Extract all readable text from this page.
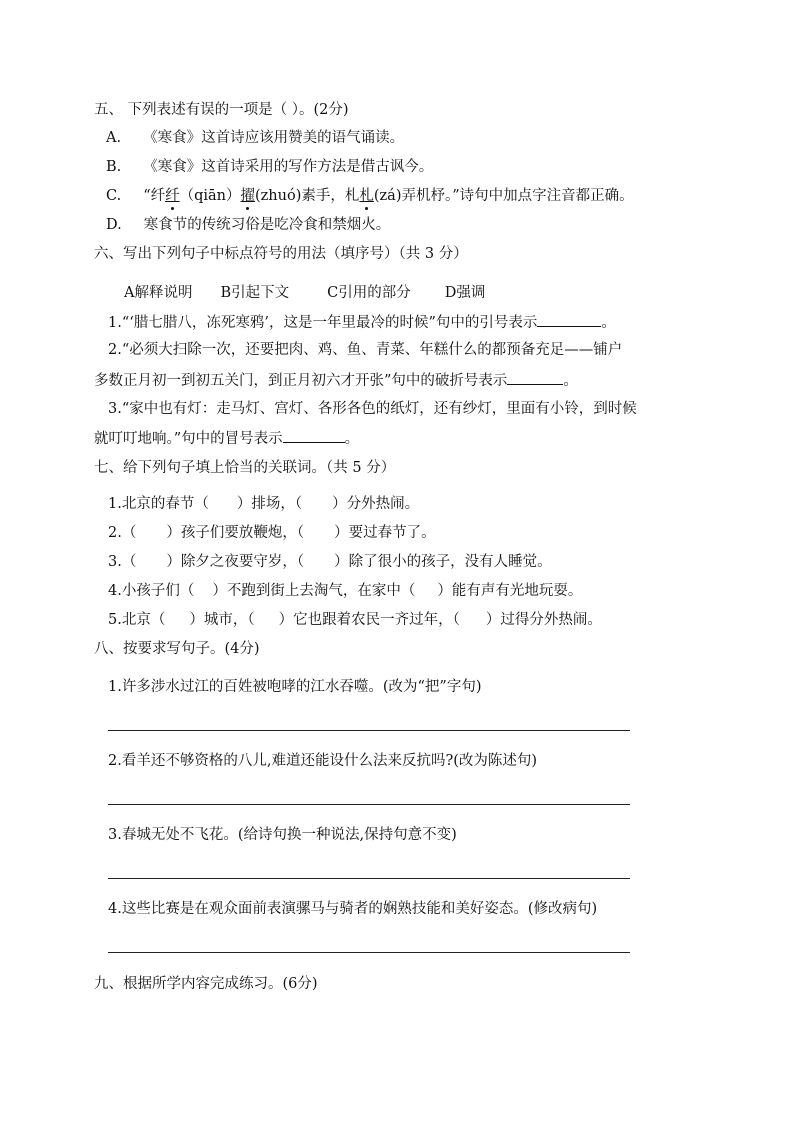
五、 下列表述有误的一项是（ ）。(2分)
A. 《寒食》这首诗应该用赞美的语气诵读。
B. 《寒食》这首诗采用的写作方法是借古讽今。
C. “纤纤（qiān）擢(zhuó)素手，札札(zá)弄机杼。”诗句中加点字注音都正确。
D. 寒食节的传统习俗是吃冷食和禁烟火。
六、写出下列句子中标点符号的用法（填序号）（共 3 分）
A解释说明 B引起下文	C引用的部分 D强调
1.“‘腊七腊八，冻死寒鸦’，这是一年里最冷的时候”句中的引号表示	。
2.“必须大扫除一次，还要把肉、鸡、鱼、青菜、年糕什么的都预备充足——铺户
多数正月初一到初五关门，到正月初六才开张”句中的破折号表示	。
3.“家中也有灯：走马灯、宫灯、各形各色的纸灯，还有纱灯，里面有小铃，到时候
就叮叮地响。”句中的冒号表示	。
七、给下列句子填上恰当的关联词。（共 5 分）
1.北京的春节（ ）排场，（ ）分外热闹。
2.（ ）孩子们要放鞭炮，（ ）要过春节了。
3.（ ）除夕之夜要守岁，（ ）除了很小的孩子，没有人睡觉。
4.小孩子们（ ）不跑到街上去淘气，在家中（ ）能有声有光地玩耍。
5.北京（ ）城市，（ ）它也跟着农民一齐过年，（ ）过得分外热闹。
八、按要求写句子。(4分)
1.许多涉水过江的百姓被咆哮的江水吞噬。(改为“把”字句)
2.看羊还不够资格的八儿,难道还能设什么法来反抗吗?(改为陈述句)
3.春城无处不飞花。(给诗句换一种说法,保持句意不变)
4.这些比赛是在观众面前表演骡马与骑者的娴熟技能和美好姿态。(修改病句)
九、根据所学内容完成练习。(6分)
